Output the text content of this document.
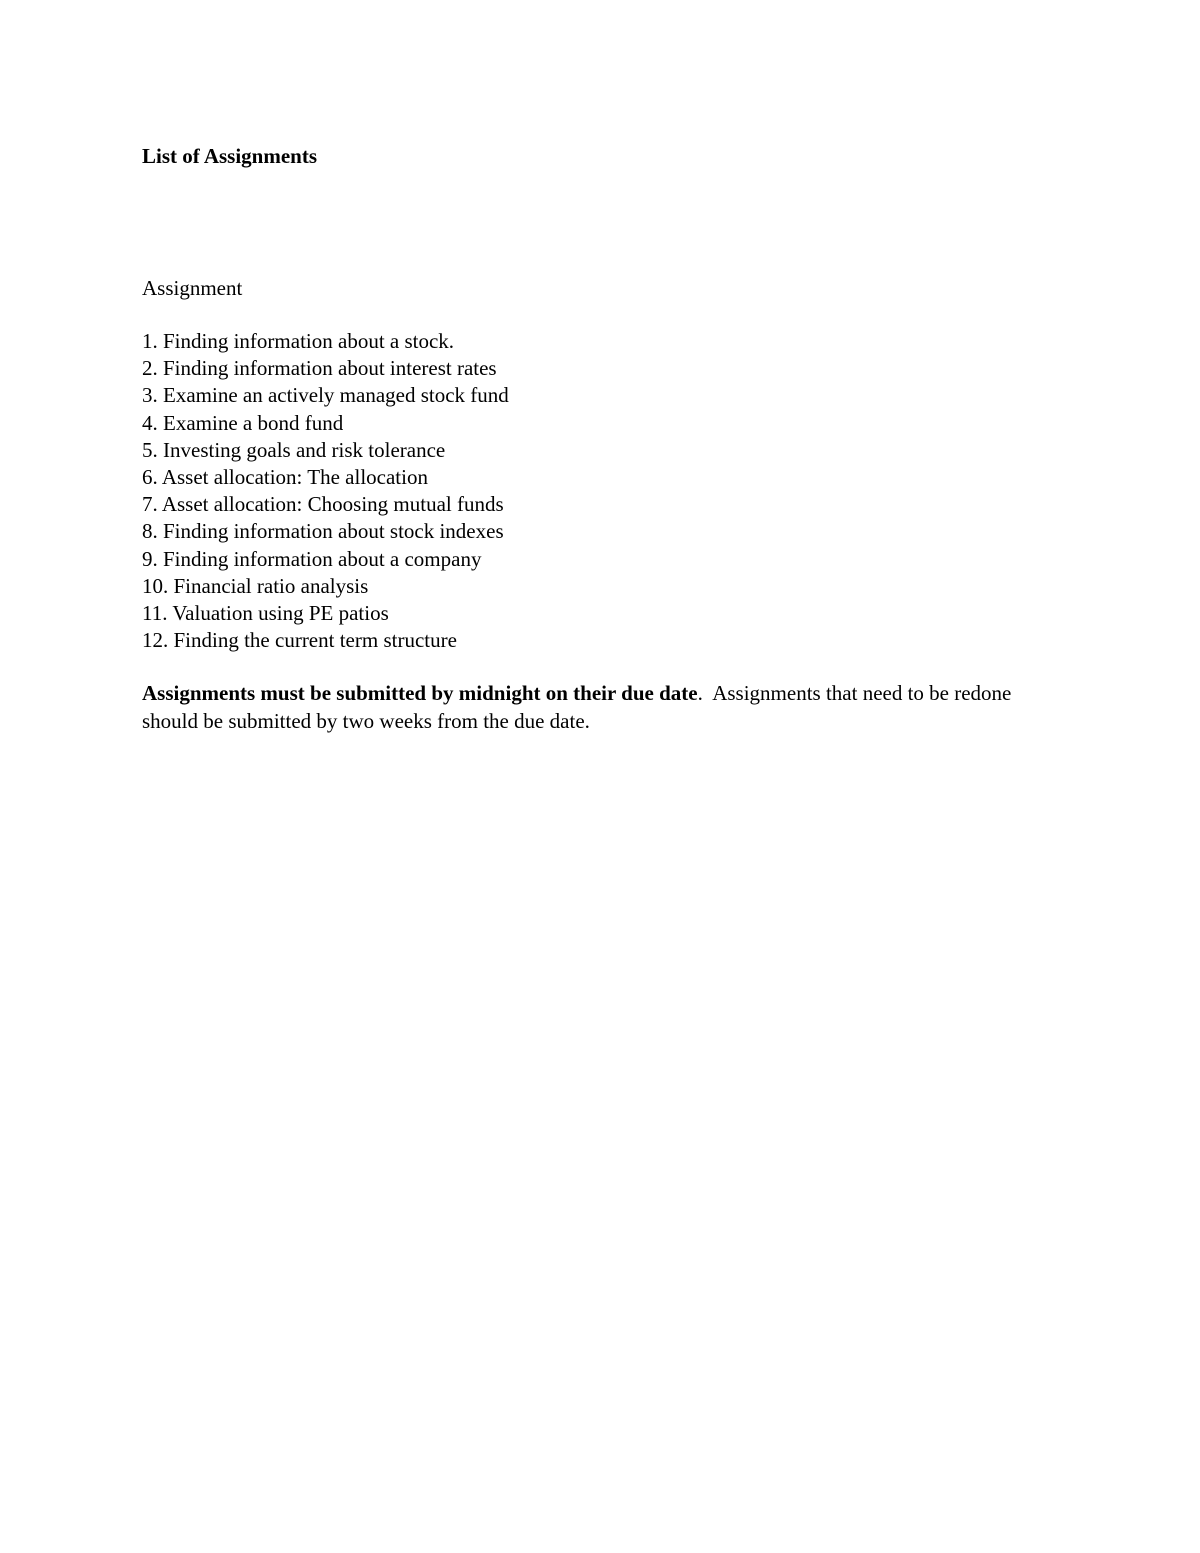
List of Assignments
Assignment
1. Finding information about a stock.
2. Finding information about interest rates
3. Examine an actively managed stock fund
4. Examine a bond fund
5. Investing goals and risk tolerance
6. Asset allocation: The allocation
7. Asset allocation: Choosing mutual funds
8. Finding information about stock indexes
9. Finding information about a company
10. Financial ratio analysis
11. Valuation using PE patios
12. Finding the current term structure

Assignments must be submitted by midnight on their due date. Assignments that need to be redone should be submitted by two weeks from the due date.
